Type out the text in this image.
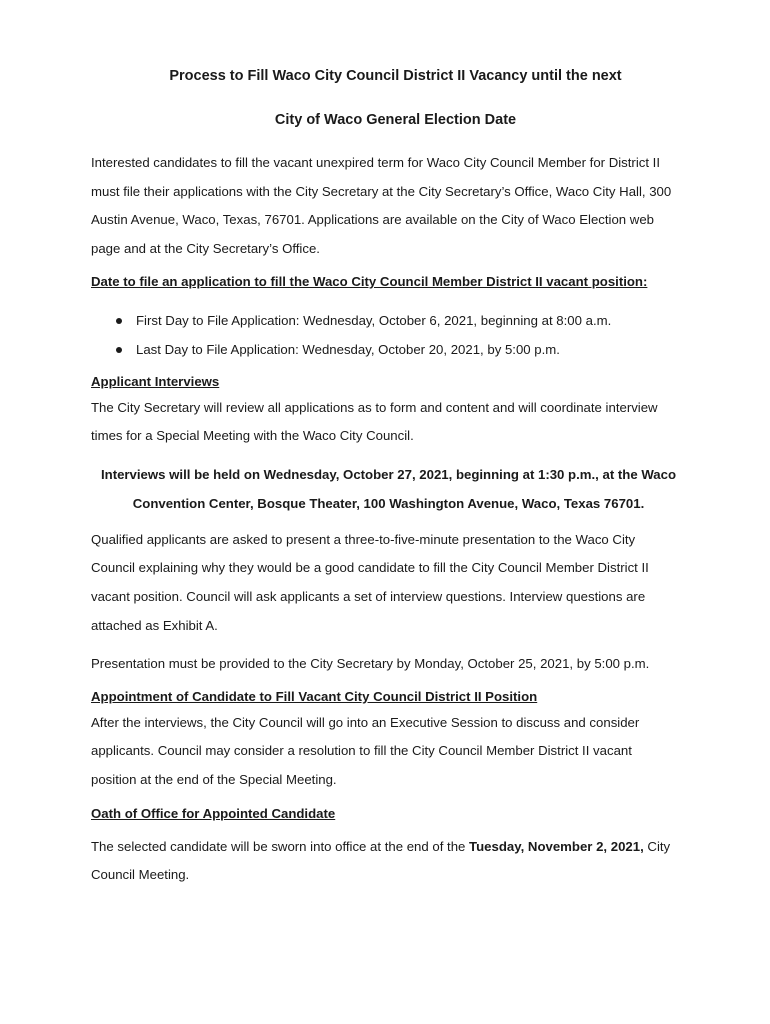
Process to Fill Waco City Council District II Vacancy until the next

City of Waco General Election Date

Interested candidates to fill the vacant unexpired term for Waco City Council Member for District II
must file their applications with the City Secretary at the City Secretary’s Office, Waco City Hall, 300
Austin Avenue, Waco, Texas, 76701. Applications are available on the City of Waco Election web
page and at the City Secretary’s Office.

Date to file an application to fill the Waco City Council Member District II vacant position:

First Day to File Application: Wednesday, October 6, 2021, beginning at 8:00 a.m.
Last Day to File Application: Wednesday, October 20, 2021, by 5:00 p.m.

Applicant Interviews

The City Secretary will review all applications as to form and content and will coordinate interview
times for a Special Meeting with the Waco City Council.
Interviews will be held on Wednesday, October 27, 2021, beginning at 1:30 p.m., at the Waco
Convention Center, Bosque Theater, 100 Washington Avenue, Waco, Texas 76701.
Qualified applicants are asked to present a three-to-five-minute presentation to the Waco City
Council explaining why they would be a good candidate to fill the City Council Member District II
vacant position. Council will ask applicants a set of interview questions. Interview questions are
attached as Exhibit A.

Presentation must be provided to the City Secretary by Monday, October 25, 2021, by 5:00 p.m.

Appointment of Candidate to Fill Vacant City Council District II Position

After the interviews, the City Council will go into an Executive Session to discuss and consider
applicants. Council may consider a resolution to fill the City Council Member District II vacant
position at the end of the Special Meeting.

Oath of Office for Appointed Candidate

The selected candidate will be sworn into office at the end of the Tuesday, November 2, 2021, City
Council Meeting.
